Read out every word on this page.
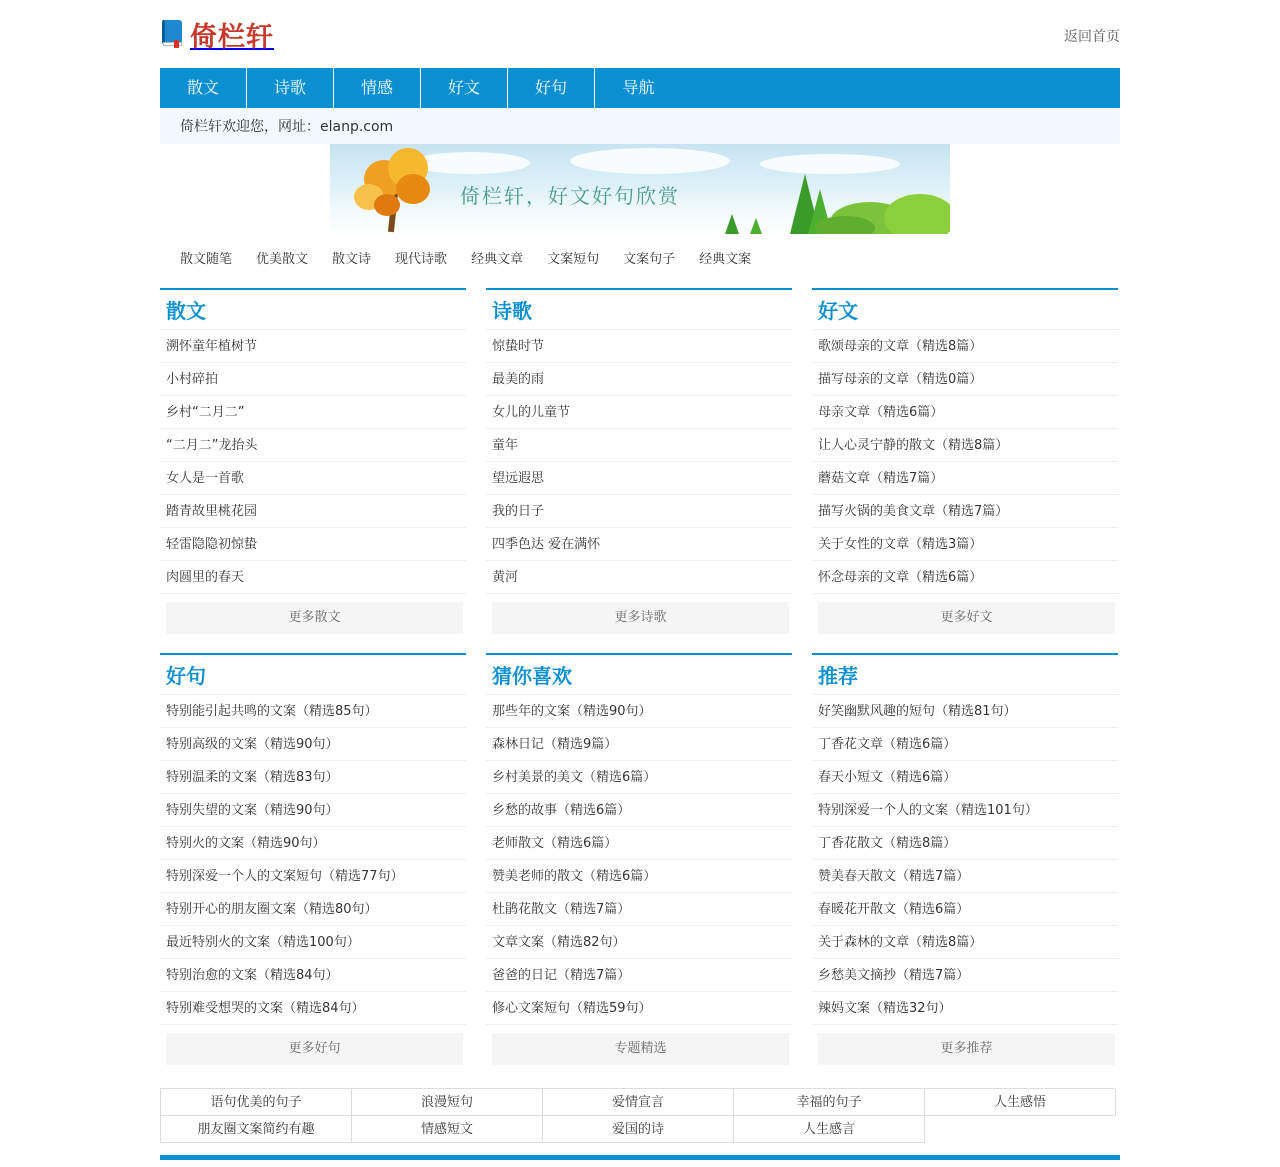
倚栏轩	返回首页
散文	诗歌	情感	好文	好句	导航
倚栏轩欢迎您，网址：elanp.com
倚栏轩，好文好句欣赏
散文随笔 优美散文 散文诗 现代诗歌 经典文章 文案短句 文案句子 经典文案
散文
溯怀童年植树节
小村碎拍
乡村“二月二”
“二月二”龙抬头
女人是一首歌
踏青故里桃花园
轻雷隐隐初惊蛰
肉圆里的春天
更多散文
诗歌
惊蛰时节
最美的雨
女儿的儿童节
童年
望远遐思
我的日子
四季色达 爱在满怀
黄河
更多诗歌
好文
歌颂母亲的文章（精选8篇）
描写母亲的文章（精选0篇）
母亲文章（精选6篇）
让人心灵宁静的散文（精选8篇）
蘑菇文章（精选7篇）
描写火锅的美食文章（精选7篇）
关于女性的文章（精选3篇）
怀念母亲的文章（精选6篇）
更多好文
好句
特别能引起共鸣的文案（精选85句）
特别高级的文案（精选90句）
特别温柔的文案（精选83句）
特别失望的文案（精选90句）
特别火的文案（精选90句）
特别深爱一个人的文案短句（精选77句）
特别开心的朋友圈文案（精选80句）
最近特别火的文案（精选100句）
特别治愈的文案（精选84句）
特别难受想哭的文案（精选84句）
更多好句
猜你喜欢
那些年的文案（精选90句）
森林日记（精选9篇）
乡村美景的美文（精选6篇）
乡愁的故事（精选6篇）
老师散文（精选6篇）
赞美老师的散文（精选6篇）
杜鹃花散文（精选7篇）
文章文案（精选82句）
爸爸的日记（精选7篇）
修心文案短句（精选59句）
专题精选
推荐
好笑幽默风趣的短句（精选81句）
丁香花文章（精选6篇）
春天小短文（精选6篇）
特别深爱一个人的文案（精选101句）
丁香花散文（精选8篇）
赞美春天散文（精选7篇）
春暖花开散文（精选6篇）
关于森林的文章（精选8篇）
乡愁美文摘抄（精选7篇）
辣妈文案（精选32句）
更多推荐
语句优美的句子	浪漫短句	爱情宣言	幸福的句子	人生感悟
朋友圈文案简约有趣	情感短文	爱国的诗	人生感言
